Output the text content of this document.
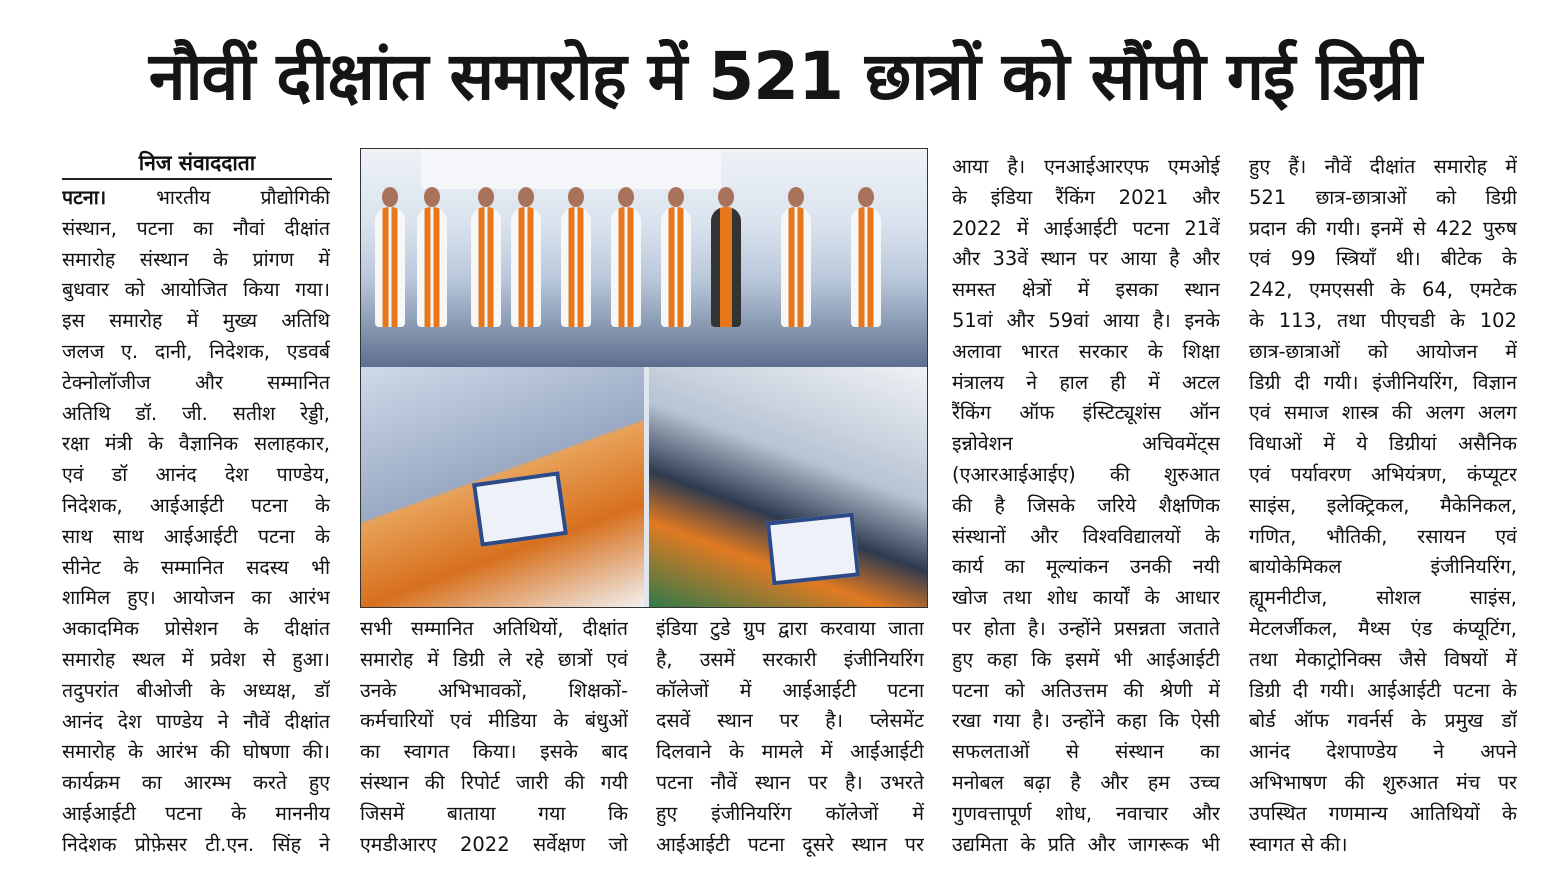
नौवीं दीक्षांत समारोह में 521 छात्रों को सौंपी गई डिग्री
निज संवाददाता
पटना।	भारतीय प्रौद्योगिकी
संस्थान, पटना का नौवां दीक्षांत
समारोह संस्थान के प्रांगण में
बुधवार को आयोजित किया गया।
इस समारोह में मुख्य अतिथि
जलज ए. दानी, निदेशक, एडवर्ब
टेक्नोलॉजीज और सम्मानित
अतिथि डॉ. जी. सतीश रेड्डी,
रक्षा मंत्री के वैज्ञानिक सलाहकार,
एवं डॉ आनंद देश पाण्डेय,
निदेशक, आईआईटी पटना के
साथ साथ आईआईटी पटना के
सीनेट के सम्मानित सदस्य भी
शामिल हुए। आयोजन का आरंभ
अकादमिक प्रोसेशन के दीक्षांत
समारोह स्थल में प्रवेश से हुआ।
तदुपरांत बीओजी के अध्यक्ष, डॉ
आनंद देश पाण्डेय ने नौवें दीक्षांत
समारोह के आरंभ की घोषणा की।
कार्यक्रम का आरम्भ करते हुए
आईआईटी पटना के माननीय
निदेशक प्रोफ़ेसर टी.एन. सिंह ने
सभी सम्मानित अतिथियों, दीक्षांत
समारोह में डिग्री ले रहे छात्रों एवं
उनके अभिभावकों, शिक्षकों-
कर्मचारियों एवं मीडिया के बंधुओं
का स्वागत किया। इसके बाद
संस्थान की रिपोर्ट जारी की गयी
जिसमें बाताया गया कि
एमडीआरए 2022 सर्वेक्षण जो
इंडिया टुडे ग्रुप द्वारा करवाया जाता
है, उसमें सरकारी इंजीनियरिंग
कॉलेजों में आईआईटी पटना
दसवें स्थान पर है। प्लेसमेंट
दिलवाने के मामले में आईआईटी
पटना नौवें स्थान पर है। उभरते
हुए इंजीनियरिंग कॉलेजों में
आईआईटी पटना दूसरे स्थान पर
आया है। एनआईआरएफ एमओई
के इंडिया रैंकिंग 2021 और
2022 में आईआईटी पटना 21वें
और 33वें स्थान पर आया है और
समस्त क्षेत्रों में इसका स्थान
51वां और 59वां आया है। इनके
अलावा भारत सरकार के शिक्षा
मंत्रालय ने हाल ही में अटल
रैंकिंग ऑफ इंस्टिट्यूशंस ऑन
इन्नोवेशन अचिवमेंट्स
(एआरआईआईए) की शुरुआत
की है जिसके जरिये शैक्षणिक
संस्थानों और विश्वविद्यालयों के
कार्य का मूल्यांकन उनकी नयी
खोज तथा शोध कार्यों के आधार
पर होता है। उन्होंने प्रसन्नता जताते
हुए कहा कि इसमें भी आईआईटी
पटना को अतिउत्तम की श्रेणी में
रखा गया है। उन्होंने कहा कि ऐसी
सफलताओं से संस्थान का
मनोबल बढ़ा है और हम उच्च
गुणवत्तापूर्ण शोध, नवाचार और
उद्यमिता के प्रति और जागरूक भी
हुए हैं। नौवें दीक्षांत समारोह में
521 छात्र-छात्राओं को डिग्री
प्रदान की गयी। इनमें से 422 पुरुष
एवं 99 स्त्रियाँ थी। बीटेक के
242, एमएससी के 64, एमटेक
के 113, तथा पीएचडी के 102
छात्र-छात्राओं को आयोजन में
डिग्री दी गयी। इंजीनियरिंग, विज्ञान
एवं समाज शास्त्र की अलग अलग
विधाओं में ये डिग्रीयां असैनिक
एवं पर्यावरण अभियंत्रण, कंप्यूटर
साइंस, इलेक्ट्रिकल, मैकेनिकल,
गणित, भौतिकी, रसायन एवं
बायोकेमिकल इंजीनियरिंग,
ह्यूमनीटीज, सोशल साइंस,
मेटलर्जीकल, मैथ्स एंड कंप्यूटिंग,
तथा मेकाट्रोनिक्स जैसे विषयों में
डिग्री दी गयी। आईआईटी पटना के
बोर्ड ऑफ गवर्नर्स के प्रमुख डॉ
आनंद देशपाण्डेय ने अपने
अभिभाषण की शुरुआत मंच पर
उपस्थित गणमान्य आतिथियों के
स्वागत से की।
